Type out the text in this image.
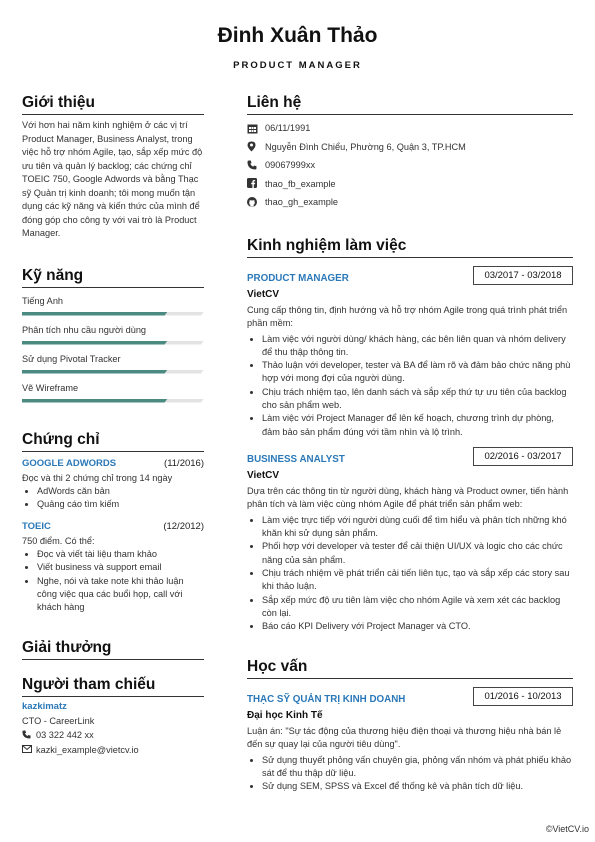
Đinh Xuân Thảo
PRODUCT MANAGER
Giới thiệu
Với hơn hai năm kinh nghiệm ở các vị trí Product Manager, Business Analyst, trong việc hỗ trợ nhóm Agile, tạo, sắp xếp mức độ ưu tiên và quản lý backlog; các chứng chỉ TOEIC 750, Google Adwords và bằng Thạc sỹ Quản trị kinh doanh; tôi mong muốn tận dụng các kỹ năng và kiến thức của mình để đóng góp cho công ty với vai trò là Product Manager.
Kỹ năng
Tiếng Anh
Phân tích nhu cầu người dùng
Sử dụng Pivotal Tracker
Vẽ Wireframe
Chứng chỉ
GOOGLE ADWORDS	(11/2016)
Đọc và thi 2 chứng chỉ trong 14 ngày
• AdWords căn bản
• Quảng cáo tìm kiếm
TOEIC	(12/2012)
750 điểm. Có thể:
• Đọc và viết tài liệu tham khảo
• Viết business và support email
• Nghe, nói và take note khi thảo luận công việc qua các buổi họp, call với khách hàng
Giải thưởng
Người tham chiếu
kazkimatz
CTO - CareerLink
03 322 442 xx
kazki_example@vietcv.io
Liên hệ
06/11/1991
Nguyễn Đình Chiểu, Phường 6, Quận 3, TP.HCM
09067999xx
thao_fb_example
thao_gh_example
Kinh nghiệm làm việc
PRODUCT MANAGER	03/2017 - 03/2018
VietCV
Cung cấp thông tin, định hướng và hỗ trợ nhóm Agile trong quá trình phát triển phần mềm:
• Làm việc với người dùng/ khách hàng, các bên liên quan và nhóm delivery để thu thập thông tin.
• Thảo luận với developer, tester và BA để làm rõ và đảm bảo chức năng phù hợp với mong đợi của người dùng.
• Chịu trách nhiệm tạo, lên danh sách và sắp xếp thứ tự ưu tiên của backlog cho sản phẩm web.
• Làm việc với Project Manager để lên kế hoạch, chương trình dự phòng, đảm bảo sản phẩm đúng với tầm nhìn và lộ trình.
BUSINESS ANALYST	02/2016 - 03/2017
VietCV
Dựa trên các thông tin từ người dùng, khách hàng và Product owner, tiến hành phân tích và làm việc cùng nhóm Agile để phát triển sản phẩm web:
• Làm việc trực tiếp với người dùng cuối để tìm hiểu và phân tích những khó khăn khi sử dụng sản phẩm.
• Phối hợp với developer và tester để cải thiện UI/UX và logic cho các chức năng của sản phẩm.
• Chịu trách nhiệm về phát triển cải tiến liên tục, tạo và sắp xếp các story sau khi thảo luận.
• Sắp xếp mức độ ưu tiên làm việc cho nhóm Agile và xem xét các backlog còn lại.
• Báo cáo KPI Delivery với Project Manager và CTO.
Học vấn
THẠC SỸ QUẢN TRỊ KINH DOANH	01/2016 - 10/2013
Đại học Kinh Tế
Luận án: "Sự tác động của thương hiệu điện thoại và thương hiệu nhà bán lẻ đến sự quay lại của người tiêu dùng".
• Sử dụng thuyết phỏng vấn chuyên gia, phỏng vấn nhóm và phát phiếu khảo sát để thu thập dữ liệu.
• Sử dụng SEM, SPSS và Excel để thống kê và phân tích dữ liệu.
©VietCV.io
